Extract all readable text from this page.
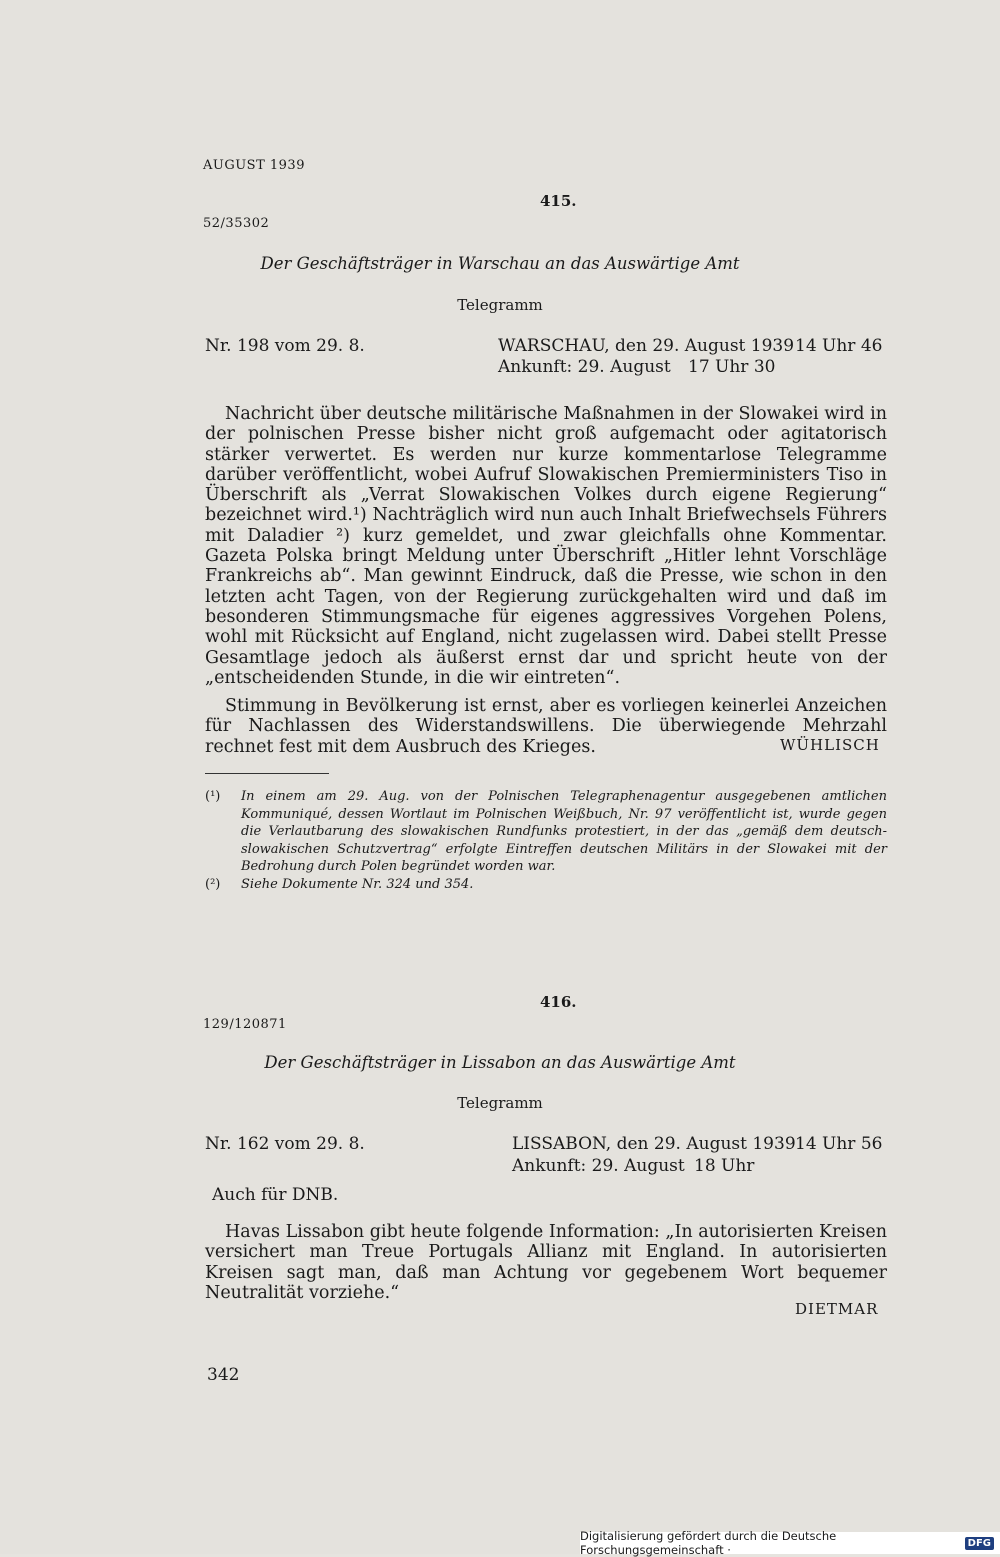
AUGUST 1939
415.
52/35302
Der Geschäftsträger in Warschau an das Auswärtige Amt
Telegramm
Nr. 198 vom 29. 8.	WARSCHAU, den 29. August 1939 14 Uhr 46
Ankunft: 29. August 17 Uhr 30

Nachricht über deutsche militärische Maßnahmen in der Slowakei wird in der polnischen Presse bisher nicht groß aufgemacht oder agitatorisch stärker verwertet. Es werden nur kurze kommentarlose Telegramme darüber veröffentlicht, wobei Aufruf Slowakischen Premierministers Tiso in Überschrift als „Verrat Slowakischen Volkes durch eigene Regierung“ bezeichnet wird.¹) Nachträglich wird nun auch Inhalt Briefwechsels Führers mit Daladier ²) kurz gemeldet, und zwar gleichfalls ohne Kommentar. Gazeta Polska bringt Meldung unter Überschrift „Hitler lehnt Vorschläge Frankreichs ab“. Man gewinnt Eindruck, daß die Presse, wie schon in den letzten acht Tagen, von der Regierung zurückgehalten wird und daß im besonderen Stimmungsmache für eigenes aggressives Vorgehen Polens, wohl mit Rücksicht auf England, nicht zugelassen wird. Dabei stellt Presse Gesamtlage jedoch als äußerst ernst dar und spricht heute von der „entscheidenden Stunde, in die wir eintreten“.

Stimmung in Bevölkerung ist ernst, aber es vorliegen keinerlei Anzeichen für Nachlassen des Widerstandswillens. Die überwiegende Mehrzahl rechnet fest mit dem Ausbruch des Krieges.	WÜHLISCH
(¹)	In einem am 29. Aug. von der Polnischen Telegraphenagentur ausgegebenen amtlichen Kommuniqué, dessen Wortlaut im Polnischen Weißbuch, Nr. 97 veröffentlicht ist, wurde gegen die Verlautbarung des slowakischen Rundfunks protestiert, in der das „gemäß dem deutsch-slowakischen Schutzvertrag“ erfolgte Eintreffen deutschen Militärs in der Slowakei mit der Bedrohung durch Polen begründet worden war.
(²)	Siehe Dokumente Nr. 324 und 354.
416.
129/120871
Der Geschäftsträger in Lissabon an das Auswärtige Amt
Telegramm
Nr. 162 vom 29. 8.	LISSABON, den 29. August 1939 14 Uhr 56
Ankunft: 29. August 18 Uhr
Auch für DNB.

Havas Lissabon gibt heute folgende Information: „In autorisierten Kreisen versichert man Treue Portugals Allianz mit England. In autorisierten Kreisen sagt man, daß man Achtung vor gegebenem Wort bequemer Neutralität vorziehe.“

DIETMAR
342
Digitalisierung gefördert durch die Deutsche Forschungsgemeinschaft ·	DFG
